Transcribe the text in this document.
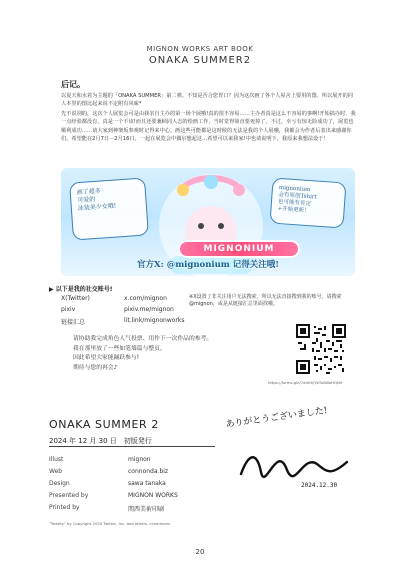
MIGNON WORKS ART BOOK
ONAKA SUMMER2
后记。
以夏天和水着为主题的「ONAKA SUMMER」第二弹。不知是否合您胃口？因为这次画了各个人屋舍上要用的图。所以展开的同人本里的图比起来说不定附有风味*
先不说别的，这次个人展览会可是由我亲自主办的第一场个展哦!真的很不容易……主办者真是这么不容易的事啊!开始搞办时，我一点经验都没有，真是一个不该!而且还要兼顾同人志的绘画工作，当时觉得简直要死掉了，不过，幸亏有惊无险成功了，展览也顺利成功……请大家到神楽坂参观时记得来中心。画这些可能都是这时候的无法是我的个人展哦，我都会为作者后表出来感谢你们。希望能在2月7日－2月16日，一起在展览会中偶尔想起这…希望可以来我家!中也请说明下，我原来我想法设于！
画了超多
可爱的
泳装美少女哦!
mignonium
会有原创Tshirt
也可能有肯定
+开始更新！
MIGNONIUM
官方X: @mignonium 记得关注哦!
▶ 以下是我的社交账号!
X(Twitter)	x.com/mignon
pixiv	pixiv.me/mignon
链接汇总	lit.link/mignonworks
※X设置了非关注用户无法搜索，所以无法直接搜到我的账号，请搜索@mignon，或是从链接汇总里面找哦。
请协助我完成角色人气投票、用作下一次作品的参考。
我在那里放了一些如笔墙篇与整页，
因此希望大家能踊跃参与!
期待与您的再会♪
https://forms.gle/7aUKhjYbTaAWaHQN9
ONAKA SUMMER 2
2024 年 12 月 30 日　初版発行
Illust	mignon
Web	connonda.biz
Design	sawa tanaka
Presented by	MIGNON WORKS
Printed by	関西美術印刷
"Tweety" by Copyright 2020 Twitter, Inc. and others. ccommons
ありがとうございました!
2024.12.30
20
